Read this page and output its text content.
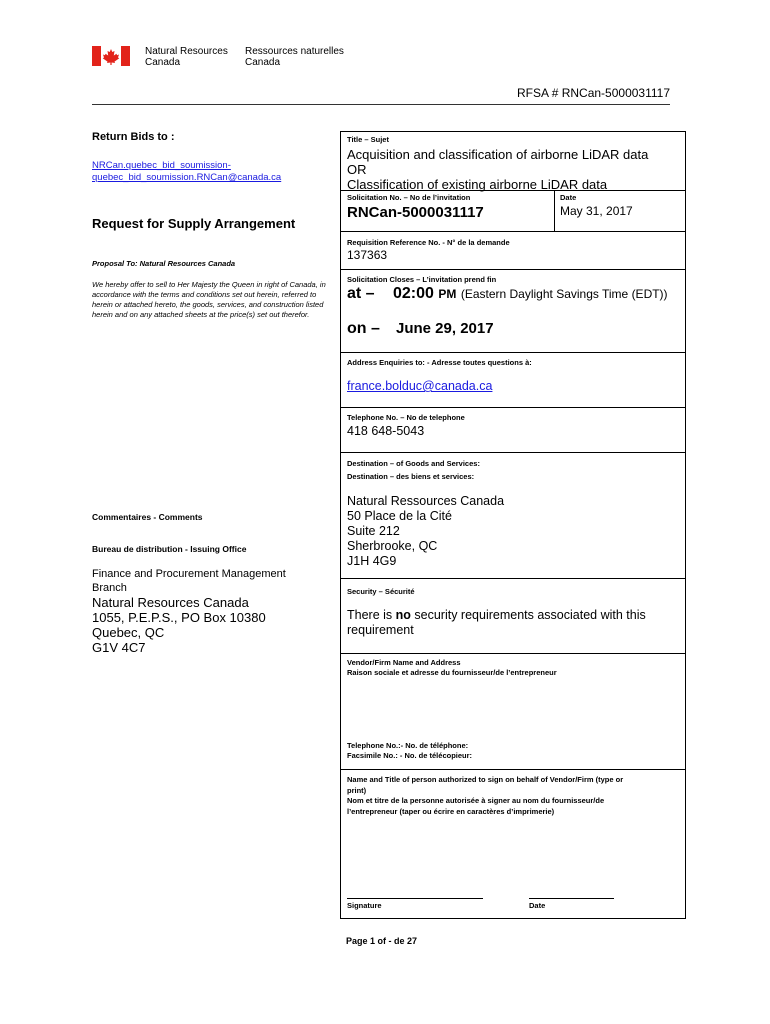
Natural Resources
Canada
Ressources naturelles
Canada
RFSA # RNCan-5000031117
Return Bids to :
NRCan.quebec_bid_soumission-
quebec_bid_soumission.RNCan@canada.ca
Request for Supply Arrangement
Proposal To: Natural Resources Canada
We hereby offer to sell to Her Majesty the Queen in right of Canada, in accordance with the terms and conditions set out herein, referred to herein or attached hereto, the goods, services, and construction listed herein and on any attached sheets at the price(s) set out therefor.
Commentaires - Comments
Bureau de distribution - Issuing Office
Finance and Procurement Management
Branch
Natural Resources Canada
1055, P.E.P.S., PO Box 10380
Quebec, QC
G1V 4C7
Title – Sujet
Acquisition and classification of airborne LiDAR data
OR
Classification of existing airborne LiDAR data
Solicitation No. – No de l’invitation
RNCan-5000031117
Date
May 31, 2017
Requisition Reference No. - N° de la demande
137363
Solicitation Closes – L’invitation prend fin
at – 02:00 PM (Eastern Daylight Savings Time (EDT))
on – June 29, 2017
Address Enquiries to: - Adresse toutes questions à:
france.bolduc@canada.ca
Telephone No. – No de telephone
418 648-5043
Destination – of Goods and Services:
Destination – des biens et services:
Natural Ressources Canada
50 Place de la Cité
Suite 212
Sherbrooke, QC
J1H 4G9
Security – Sécurité
There is no security requirements associated with this
requirement
Vendor/Firm Name and Address
Raison sociale et adresse du fournisseur/de l’entrepreneur
Telephone No.:- No. de téléphone:
Facsimile No.: - No. de télécopieur:
Name and Title of person authorized to sign on behalf of Vendor/Firm (type or
print)
Nom et titre de la personne autorisée à signer au nom du fournisseur/de
l’entrepreneur (taper ou écrire en caractères d’imprimerie)
Signature	Date
Page 1 of - de 27
